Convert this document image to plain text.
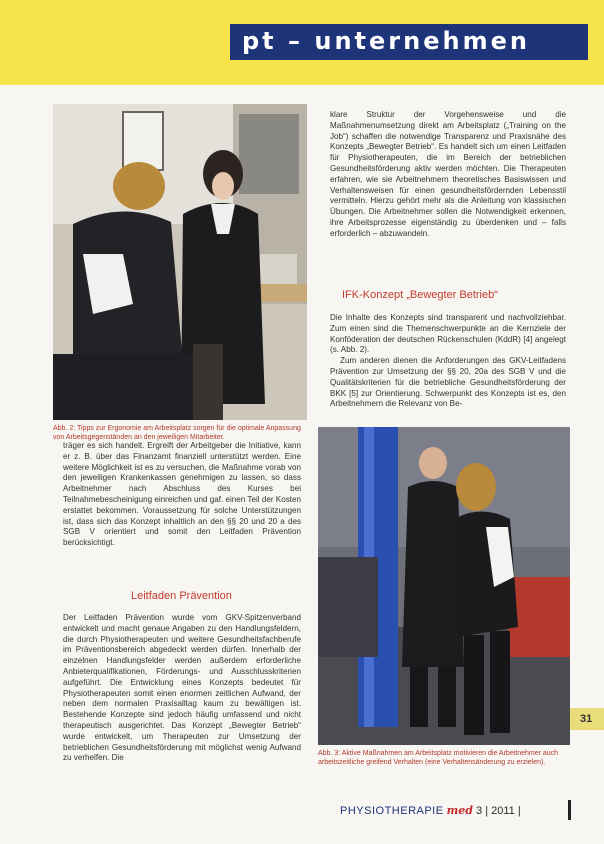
pt – unternehmen
Abb. 2: Tipps zur Ergonomie am Arbeitsplatz sorgen für die optimale Anpassung von Arbeitsgegenständen an den jeweiligen Mitarbeiter.

träger es sich handelt. Ergreift der Arbeitgeber die Initiative, kann er z. B. über das Finanzamt finanziell unterstützt werden. Eine weitere Möglichkeit ist es zu versuchen, die Maßnahme vorab von den jeweiligen Krankenkassen genehmigen zu lassen, so dass Arbeitnehmer nach Abschluss des Kurses bei Teilnahmebescheinigung einreichen und gaf. einen Teil der Kosten erstattet bekommen. Voraussetzung für solche Unterstützungen ist, dass sich das Konzept inhaltlich an den §§ 20 und 20 a des SGB V orientiert und somit den Leitfaden Prävention berücksichtigt.

Leitfaden Prävention

Der Leitfaden Prävention wurde vom GKV-Spitzenverband entwickelt und macht genaue Angaben zu den Handlungsfeldern, die durch Physiotherapeuten und weitere Gesundheitsfachberufe im Präventionsbereich abgedeckt werden dürfen. Innerhalb der einzelnen Handlungsfelder werden außerdem erforderliche Anbieterqualifikationen, Förderungs- und Ausschlusskriterien aufgeführt. Die Entwicklung eines Konzepts bedeutet für Physiotherapeuten somit einen enormen zeitlichen Aufwand, der neben dem normalen Praxisalltag kaum zu bewältigen ist. Bestehende Konzepte sind jedoch häufig umfassend und nicht therapeutisch ausgerichtet. Das Konzept „Bewegter Betrieb“ wurde entwickelt, um Therapeuten zur Umsetzung der betrieblichen Gesundheitsförderung mit möglichst wenig Aufwand zu verhelfen. Die

klare Struktur der Vorgehensweise und die Maßnahmenumsetzung direkt am Arbeitsplatz („Training on the Job“) schaffen die notwendige Transparenz und Praxisnähe des Konzepts „Bewegter Betrieb“. Es handelt sich um einen Leitfaden für Physiotherapeuten, die im Bereich der betrieblichen Gesundheitsförderung aktiv werden möchten. Die Therapeuten erfahren, wie sie Arbeitnehmern theoretisches Basiswissen und Verhaltensweisen für einen gesundheitsfördernden Lebensstil vermitteln. Hierzu gehört mehr als die Anleitung von klassischen Übungen. Die Arbeitnehmer sollen die Notwendigkeit erkennen, ihre Arbeitsprozesse eigenständig zu überdenken und – falls erforderlich – abzuwandeln.

IFK-Konzept „Bewegter Betrieb“

Die Inhalte des Konzepts sind transparent und nachvollziehbar. Zum einen sind die Themenschwerpunkte an die Kernziele der Konföderation der deutschen Rückenschulen (KddR) [4] angelegt (s. Abb. 2).

Zum anderen dienen die Anforderungen des GKV-Leitfadens Prävention zur Umsetzung der §§ 20, 20a des SGB V und die Qualitätskriterien für die betriebliche Gesundheitsförderung der BKK [5] zur Orientierung. Schwerpunkt des Konzepts ist es, den Arbeitnehmern die Relevanz von Be-

Abb. 3: Aktive Maßnahmen am Arbeitsplatz motivieren die Arbeitnehmer auch arbeitszeitliche greifend Verhalten (eine Verhaltensänderung zu erzielen).
31
PHYSIOTHERAPIE med 3 | 2011 |
